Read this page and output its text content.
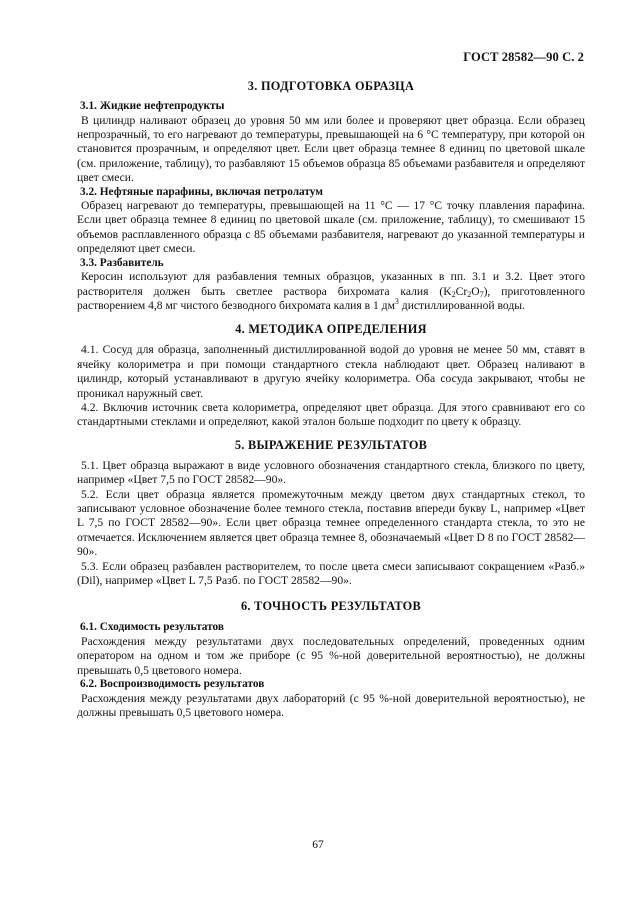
ГОСТ 28582—90 С. 2
3. ПОДГОТОВКА ОБРАЗЦА
3.1. Жидкие нефтепродукты

В цилиндр наливают образец до уровня 50 мм или более и проверяют цвет образца. Если образец непрозрачный, то его нагревают до температуры, превышающей на 6 °С температуру, при которой он становится прозрачным, и определяют цвет. Если цвет образца темнее 8 единиц по цветовой шкале (см. приложение, таблицу), то разбавляют 15 объемов образца 85 объемами разбавителя и определяют цвет смеси.

3.2. Нефтяные парафины, включая петролатум

Образец нагревают до температуры, превышающей на 11 °С — 17 °С точку плавления парафина. Если цвет образца темнее 8 единиц по цветовой шкале (см. приложение, таблицу), то смешивают 15 объемов расплавленного образца с 85 объемами разбавителя, нагревают до указанной температуры и определяют цвет смеси.

3.3. Разбавитель

Керосин используют для разбавления темных образцов, указанных в пп. 3.1 и 3.2. Цвет этого растворителя должен быть светлее раствора бихромата калия $(K_2Cr_2O_7)$, приготовленного растворением 4,8 мг чистого безводного бихромата калия в 1 $дм^3$ дистиллированной воды.

4. МЕТОДИКА ОПРЕДЕЛЕНИЯ

4.1. Сосуд для образца, заполненный дистиллированной водой до уровня не менее 50 мм, ставят в ячейку колориметра и при помощи стандартного стекла наблюдают цвет. Образец наливают в цилиндр, который устанавливают в другую ячейку колориметра. Оба сосуда закрывают, чтобы не проникал наружный свет.

4.2. Включив источник света колориметра, определяют цвет образца. Для этого сравнивают его со стандартными стеклами и определяют, какой эталон больше подходит по цвету к образцу.

5. ВЫРАЖЕНИЕ РЕЗУЛЬТАТОВ

5.1. Цвет образца выражают в виде условного обозначения стандартного стекла, близкого по цвету, например «Цвет 7,5 по ГОСТ 28582—90».

5.2. Если цвет образца является промежуточным между цветом двух стандартных стекол, то записывают условное обозначение более темного стекла, поставив впереди букву L, например «Цвет L 7,5 по ГОСТ 28582—90». Если цвет образца темнее определенного стандарта стекла, то это не отмечается. Исключением является цвет образца темнее 8, обозначаемый «Цвет D 8 по ГОСТ 28582—90».

5.3. Если образец разбавлен растворителем, то после цвета смеси записывают сокращением «Разб.» (Dil), например «Цвет L 7,5 Разб. по ГОСТ 28582—90».

6. ТОЧНОСТЬ РЕЗУЛЬТАТОВ
6.1. Сходимость результатов

Расхождения между результатами двух последовательных определений, проведенных одним оператором на одном и том же приборе (с 95 %-ной доверительной вероятностью), не должны превышать 0,5 цветового номера.

6.2. Воспроизводимость результатов

Расхождения между результатами двух лабораторий (с 95 %-ной доверительной вероятностью), не должны превышать 0,5 цветового номера.

67
